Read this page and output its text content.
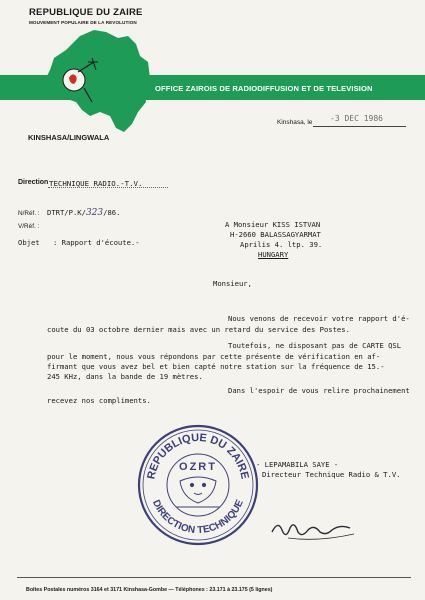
REPUBLIQUE DU ZAIRE
MOUVEMENT POPULAIRE DE LA REVOLUTION
OFFICE ZAIROIS DE RADIODIFFUSION ET DE TELEVISION
KINSHASA/LINGWALA
Kinshasa, le -3 DEC 1986
Direction TECHNIQUE RADIO.-T.V.
N/Réf. : DTRT/P.K/323/86.
V/Réf. :
Objet : Rapport d'écoute.-
A Monsieur KISS ISTVAN
H-2660 BALASSAGYARMAT
Aprilis 4. ltp. 39.
HUNGARY
Monsieur,
Nous venons de recevoir votre rapport d'é-
coute du 03 octobre dernier mais avec un retard du service des Postes.
Toutefois, ne disposant pas de CARTE QSL
pour le moment, nous vous répondons par cette présente de vérification en af-
firmant que vous avez bel et bien capté notre station sur la fréquence de 15.-
245 KHz, dans la bande de 19 mètres.
Dans l'espoir de vous relire prochainement
recevez nos compliments.
- LEPAMABILA SAYE -
Directeur Technique Radio & T.V.
REPUBLIQUE DU ZAIRE
DIRECTION TECHNIQUE
OZRT
Boîtes Postales numéros 3164 et 3171 Kinshasa-Gombe — Téléphones : 23.171 à 23.175 (5 lignes)
